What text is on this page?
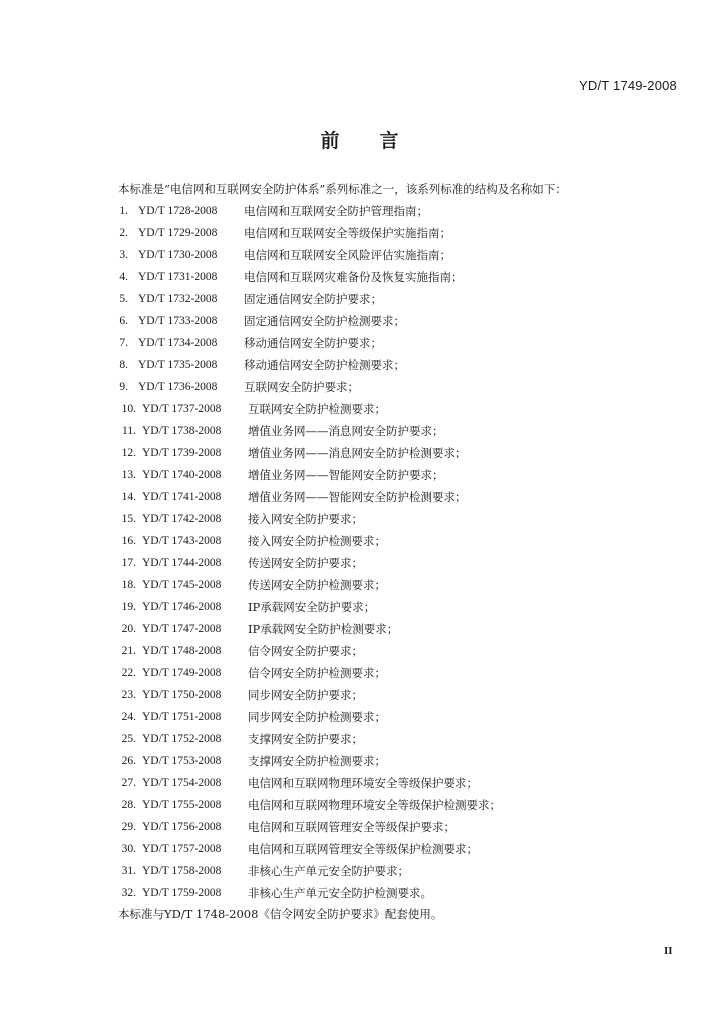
YD/T 1749-2008
前言
本标准是“电信网和互联网安全防护体系”系列标准之一，该系列标准的结构及名称如下：
1. YD/T 1728-2008 电信网和互联网安全防护管理指南；
2. YD/T 1729-2008 电信网和互联网安全等级保护实施指南；
3. YD/T 1730-2008 电信网和互联网安全风险评估实施指南；
4. YD/T 1731-2008 电信网和互联网灾难备份及恢复实施指南；
5. YD/T 1732-2008 固定通信网安全防护要求；
6. YD/T 1733-2008 固定通信网安全防护检测要求；
7. YD/T 1734-2008 移动通信网安全防护要求；
8. YD/T 1735-2008 移动通信网安全防护检测要求；
9. YD/T 1736-2008 互联网安全防护要求；
10. YD/T 1737-2008 互联网安全防护检测要求；
11. YD/T 1738-2008 增值业务网——消息网安全防护要求；
12. YD/T 1739-2008 增值业务网——消息网安全防护检测要求；
13. YD/T 1740-2008 增值业务网——智能网安全防护要求；
14. YD/T 1741-2008 增值业务网——智能网安全防护检测要求；
15. YD/T 1742-2008 接入网安全防护要求；
16. YD/T 1743-2008 接入网安全防护检测要求；
17. YD/T 1744-2008 传送网安全防护要求；
18. YD/T 1745-2008 传送网安全防护检测要求；
19. YD/T 1746-2008 IP承载网安全防护要求；
20. YD/T 1747-2008 IP承载网安全防护检测要求；
21. YD/T 1748-2008 信令网安全防护要求；
22. YD/T 1749-2008 信令网安全防护检测要求；
23. YD/T 1750-2008 同步网安全防护要求；
24. YD/T 1751-2008 同步网安全防护检测要求；
25. YD/T 1752-2008 支撑网安全防护要求；
26. YD/T 1753-2008 支撑网安全防护检测要求；
27. YD/T 1754-2008 电信网和互联网物理环境安全等级保护要求；
28. YD/T 1755-2008 电信网和互联网物理环境安全等级保护检测要求；
29. YD/T 1756-2008 电信网和互联网管理安全等级保护要求；
30. YD/T 1757-2008 电信网和互联网管理安全等级保护检测要求；
31. YD/T 1758-2008 非核心生产单元安全防护要求；
32. YD/T 1759-2008 非核心生产单元安全防护检测要求。
本标准与YD/T 1748-2008《信令网安全防护要求》配套使用。
II
